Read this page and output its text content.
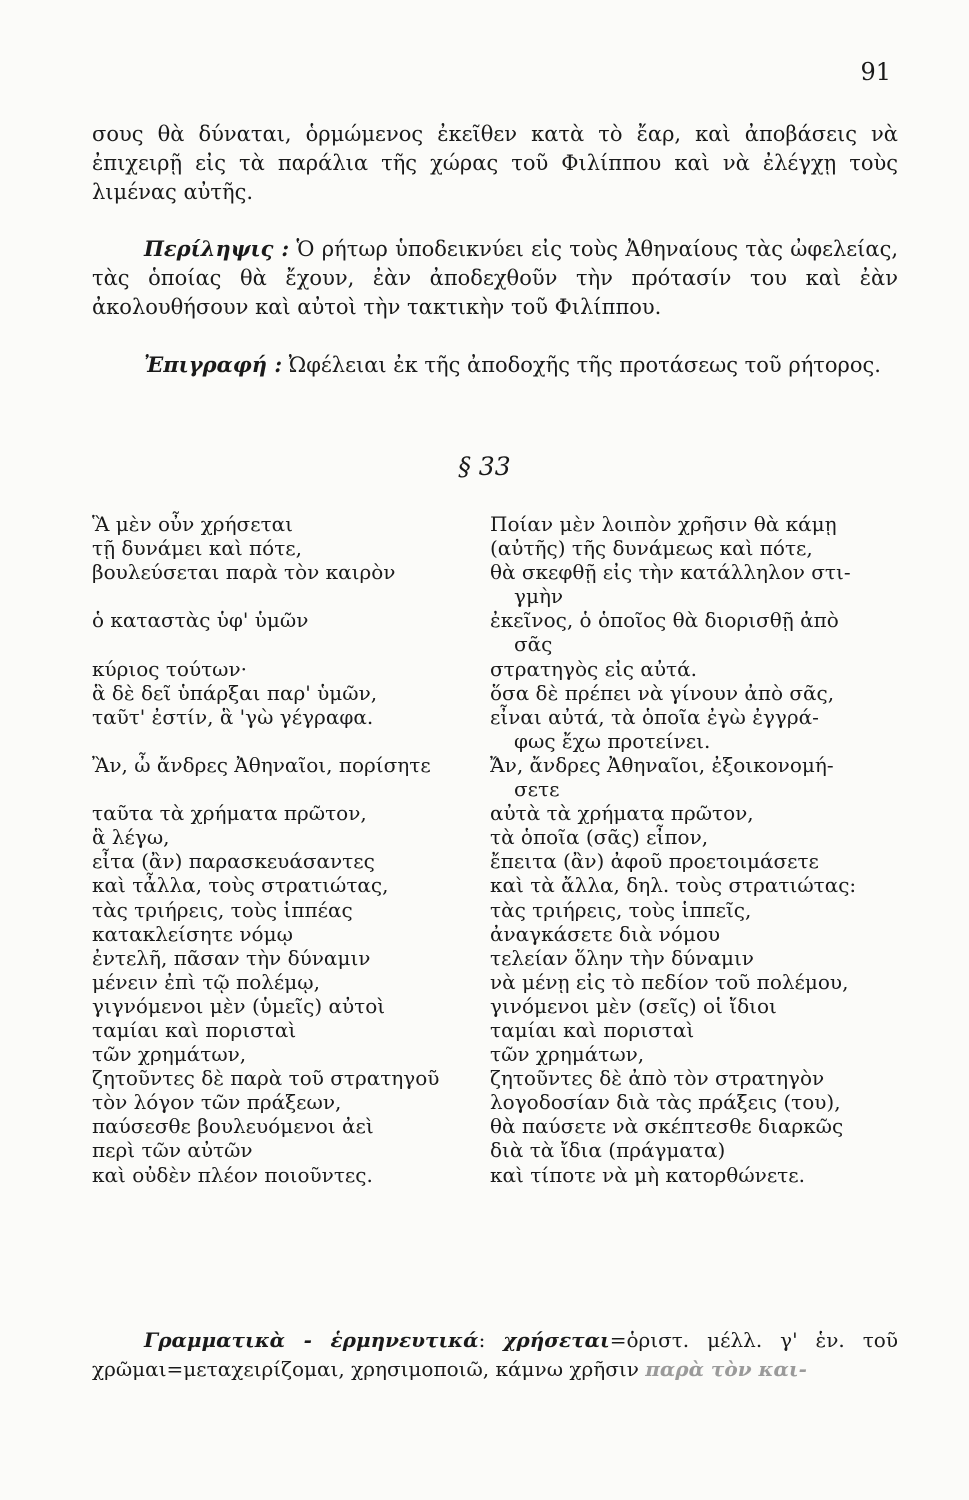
91

σους θὰ δύναται, ὁρμώμενος ἐκεῖθεν κατὰ τὸ ἔαρ, καὶ ἀποβάσεις νὰ ἐπιχειρῇ εἰς τὰ παράλια τῆς χώρας τοῦ Φιλίππου καὶ νὰ ἐλέγχῃ τοὺς λιμένας αὐτῆς.

Περίληψις : Ὁ ρήτωρ ὑποδεικνύει εἰς τοὺς Ἀθηναίους τὰς ὠφελείας, τὰς ὁποίας θὰ ἔχουν, ἐὰν ἀποδεχθοῦν τὴν πρότασίν του καὶ ἐὰν ἀκολουθήσουν καὶ αὐτοὶ τὴν τακτικὴν τοῦ Φιλίππου.

Ἐπιγραφή : Ὠφέλειαι ἐκ τῆς ἀποδοχῆς τῆς προτάσεως τοῦ ρήτορος.

§ 33
Ἃ μὲν οὖν χρήσεται	Ποίαν μὲν λοιπὸν χρῆσιν θὰ κάμῃ
τῇ δυνάμει καὶ πότε,	(αὐτῆς) τῆς δυνάμεως καὶ πότε,
βουλεύσεται παρὰ τὸν καιρὸν	θὰ σκεφθῇ εἰς τὴν κατάλληλον στι-
γμὴν
ὁ καταστὰς ὑφ' ὑμῶν	ἐκεῖνος, ὁ ὁποῖος θὰ διορισθῇ ἀπὸ
σᾶς
κύριος τούτων·	στρατηγὸς εἰς αὐτά.
ἃ δὲ δεῖ ὑπάρξαι παρ' ὑμῶν,	ὅσα δὲ πρέπει νὰ γίνουν ἀπὸ σᾶς,
ταῦτ' ἐστίν, ἃ 'γὼ γέγραφα.	εἶναι αὐτά, τὰ ὁποῖα ἐγὼ ἐγγρά-
φως ἔχω προτείνει.
Ἂν, ὦ ἄνδρες Ἀθηναῖοι, πορίσητε	Ἄν, ἄνδρες Ἀθηναῖοι, ἐξοικονομή-
σετε
ταῦτα τὰ χρήματα πρῶτον,	αὐτὰ τὰ χρήματα πρῶτον,
ἃ λέγω,	τὰ ὁποῖα (σᾶς) εἶπον,
εἶτα (ἂν) παρασκευάσαντες	ἔπειτα (ἂν) ἀφοῦ προετοιμάσετε
καὶ τἆλλα, τοὺς στρατιώτας,	καὶ τὰ ἄλλα, δηλ. τοὺς στρατιώτας:
τὰς τριήρεις, τοὺς ἱππέας	τὰς τριήρεις, τοὺς ἱππεῖς,
κατακλείσητε νόμῳ	ἀναγκάσετε διὰ νόμου
ἐντελῆ, πᾶσαν τὴν δύναμιν	τελείαν ὅλην τὴν δύναμιν
μένειν ἐπὶ τῷ πολέμῳ,	νὰ μένῃ εἰς τὸ πεδίον τοῦ πολέμου,
γιγνόμενοι μὲν (ὑμεῖς) αὐτοὶ	γινόμενοι μὲν (σεῖς) οἱ ἴδιοι
ταμίαι καὶ πορισταὶ	ταμίαι καὶ πορισταὶ
τῶν χρημάτων,	τῶν χρημάτων,
ζητοῦντες δὲ παρὰ τοῦ στρατηγοῦ	ζητοῦντες δὲ ἀπὸ τὸν στρατηγὸν
τὸν λόγον τῶν πράξεων,	λογοδοσίαν διὰ τὰς πράξεις (του),
παύσεσθε βουλευόμενοι ἀεὶ	θὰ παύσετε νὰ σκέπτεσθε διαρκῶς
περὶ τῶν αὐτῶν	διὰ τὰ ἴδια (πράγματα)
καὶ οὐδὲν πλέον ποιοῦντες.	καὶ τίποτε νὰ μὴ κατορθώνετε.

Γραμματικὰ - ἑρμηνευτικά: χρήσεται=ὁριστ. μέλλ. γ' ἑν. τοῦ χρῶμαι=μεταχειρίζομαι, χρησιμοποιῶ, κάμνω χρῆσιν παρὰ τὸν και-
